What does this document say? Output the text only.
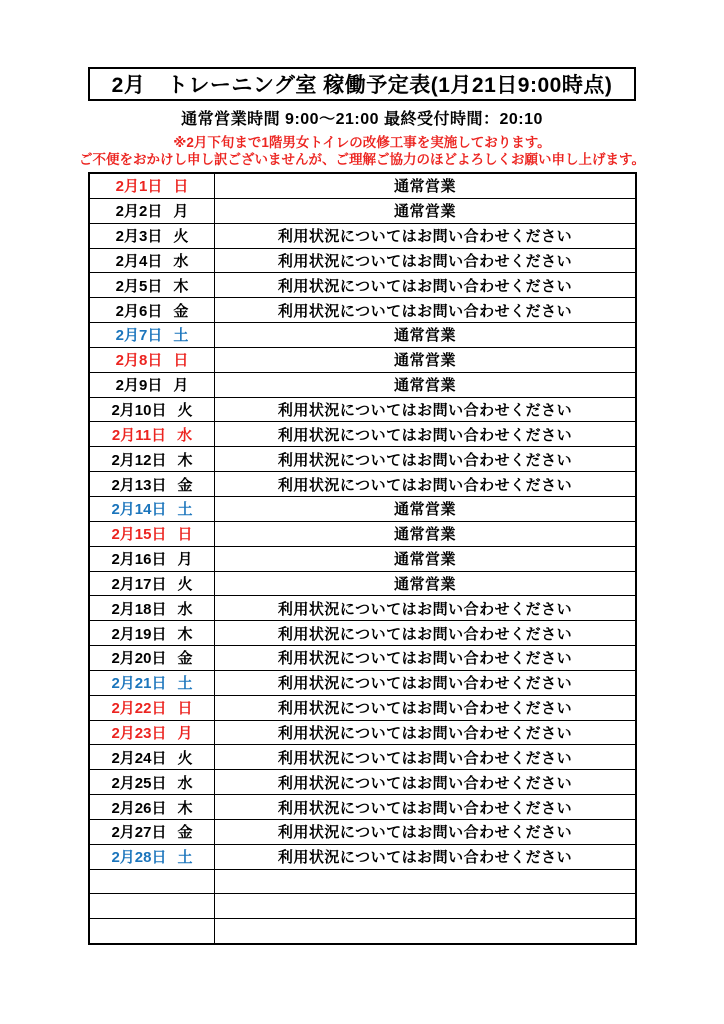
2月　トレーニング室 稼働予定表(1月21日9:00時点)
通常営業時間 9:00～21:00 最終受付時間：20:10
※2月下旬まで1階男女トイレの改修工事を実施しております。
ご不便をおかけし申し訳ございませんが、ご理解ご協力のほどよろしくお願い申し上げます。
2月1日 日	通常営業
2月2日 月	通常営業
2月3日 火	利用状況についてはお問い合わせください
2月4日 水	利用状況についてはお問い合わせください
2月5日 木	利用状況についてはお問い合わせください
2月6日 金	利用状況についてはお問い合わせください
2月7日 土	通常営業
2月8日 日	通常営業
2月9日 月	通常営業
2月10日 火	利用状況についてはお問い合わせください
2月11日 水	利用状況についてはお問い合わせください
2月12日 木	利用状況についてはお問い合わせください
2月13日 金	利用状況についてはお問い合わせください
2月14日 土	通常営業
2月15日 日	通常営業
2月16日 月	通常営業
2月17日 火	通常営業
2月18日 水	利用状況についてはお問い合わせください
2月19日 木	利用状況についてはお問い合わせください
2月20日 金	利用状況についてはお問い合わせください
2月21日 土	利用状況についてはお問い合わせください
2月22日 日	利用状況についてはお問い合わせください
2月23日 月	利用状況についてはお問い合わせください
2月24日 火	利用状況についてはお問い合わせください
2月25日 水	利用状況についてはお問い合わせください
2月26日 木	利用状況についてはお問い合わせください
2月27日 金	利用状況についてはお問い合わせください
2月28日 土	利用状況についてはお問い合わせください
